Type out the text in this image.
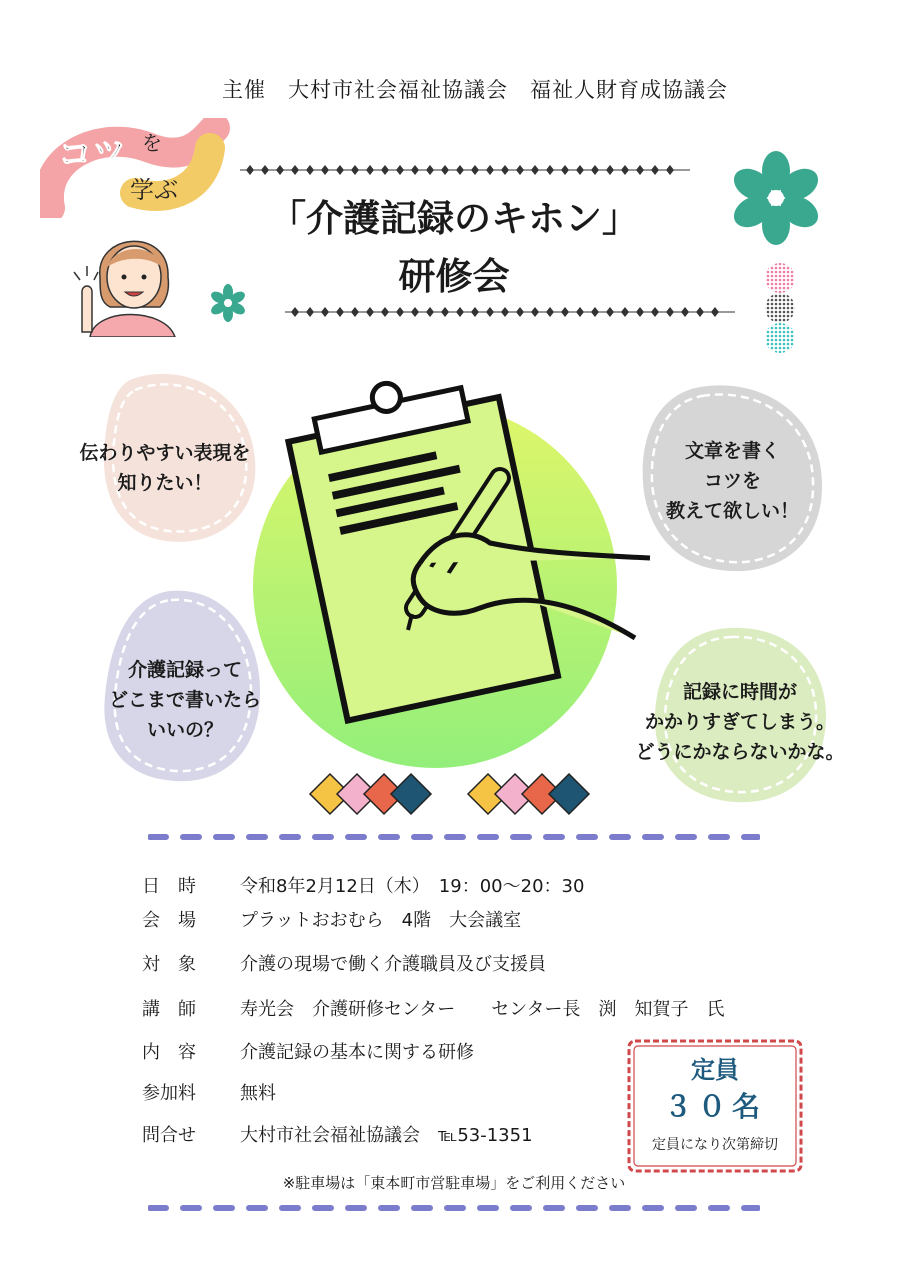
主催　大村市社会福祉協議会　福祉人財育成協議会
コツ を
学ぶ
「介護記録のキホン」
研修会
伝わりやすい表現を
知りたい！
文章を書く
コツを
教えて欲しい！
介護記録って
どこまで書いたら
いいの？
記録に時間が
かかりすぎてしまう。
どうにかならないかな。
日　時 令和8年2月12日（木）　19：00～20：30
会　場 プラットおおむら　4階　大会議室
対　象 介護の現場で働く介護職員及び支援員
講　師 寿光会　介護研修センター　　センター長　渕　知賀子　氏
内　容 介護記録の基本に関する研修
参加料 無料
問合せ 大村市社会福祉協議会　℡53-1351
定員
３０名
定員になり次第締切
※駐車場は「東本町市営駐車場」をご利用ください
